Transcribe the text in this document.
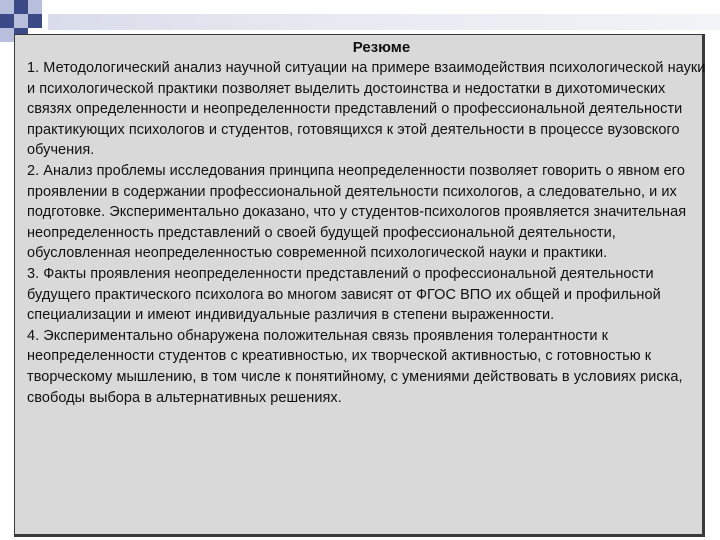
Резюме

1. Методологический анализ научной ситуации на примере взаимодействия психологической науки и психологической практики позволяет выделить достоинства и недостатки в дихотомических связях определенности и неопределенности представлений о профессиональной деятельности практикующих психологов и студентов, готовящихся к этой деятельности в процессе вузовского обучения.

2. Анализ проблемы исследования принципа неопределенности позволяет говорить о явном его проявлении в содержании профессиональной деятельности психологов, а следовательно, и их подготовке. Экспериментально доказано, что у студентов-психологов проявляется значительная неопределенность представлений о своей будущей профессиональной деятельности, обусловленная неопределенностью современной психологической науки и практики.

3. Факты проявления неопределенности представлений о профессиональной деятельности будущего практического психолога во многом зависят от ФГОС ВПО их общей и профильной специализации и имеют индивидуальные различия в степени выраженности.

4. Экспериментально обнаружена положительная связь проявления толерантности к неопределенности студентов с креативностью, их творческой активностью, с готовностью к творческому мышлению, в том числе к понятийному, с умениями действовать в условиях риска, свободы выбора в альтернативных решениях.
